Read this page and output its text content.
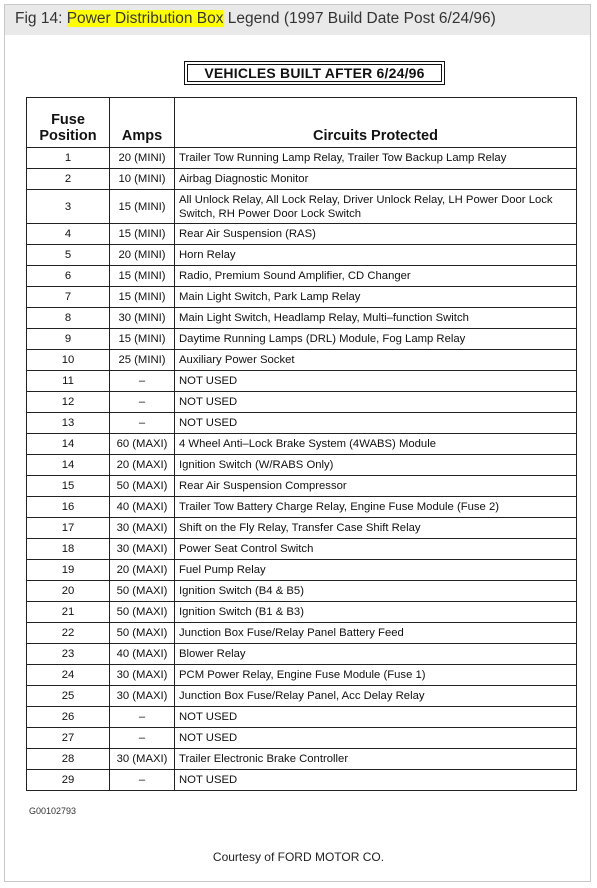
Fig 14: Power Distribution Box Legend (1997 Build Date Post 6/24/96)
VEHICLES BUILT AFTER 6/24/96
Fuse
Position	Amps	Circuits Protected
1	20 (MINI)	Trailer Tow Running Lamp Relay, Trailer Tow Backup Lamp Relay
2	10 (MINI)	Airbag Diagnostic Monitor
3	15 (MINI)	All Unlock Relay, All Lock Relay, Driver Unlock Relay, LH Power Door Lock Switch, RH Power Door Lock Switch
4	15 (MINI)	Rear Air Suspension (RAS)
5	20 (MINI)	Horn Relay
6	15 (MINI)	Radio, Premium Sound Amplifier, CD Changer
7	15 (MINI)	Main Light Switch, Park Lamp Relay
8	30 (MINI)	Main Light Switch, Headlamp Relay, Multi–function Switch
9	15 (MINI)	Daytime Running Lamps (DRL) Module, Fog Lamp Relay
10	25 (MINI)	Auxiliary Power Socket
11	–	NOT USED
12	–	NOT USED
13	–	NOT USED
14	60 (MAXI)	4 Wheel Anti–Lock Brake System (4WABS) Module
14	20 (MAXI)	Ignition Switch (W/RABS Only)
15	50 (MAXI)	Rear Air Suspension Compressor
16	40 (MAXI)	Trailer Tow Battery Charge Relay, Engine Fuse Module (Fuse 2)
17	30 (MAXI)	Shift on the Fly Relay, Transfer Case Shift Relay
18	30 (MAXI)	Power Seat Control Switch
19	20 (MAXI)	Fuel Pump Relay
20	50 (MAXI)	Ignition Switch (B4 & B5)
21	50 (MAXI)	Ignition Switch (B1 & B3)
22	50 (MAXI)	Junction Box Fuse/Relay Panel Battery Feed
23	40 (MAXI)	Blower Relay
24	30 (MAXI)	PCM Power Relay, Engine Fuse Module (Fuse 1)
25	30 (MAXI)	Junction Box Fuse/Relay Panel, Acc Delay Relay
26	–	NOT USED
27	–	NOT USED
28	30 (MAXI)	Trailer Electronic Brake Controller
29	–	NOT USED
G00102793
Courtesy of FORD MOTOR CO.
